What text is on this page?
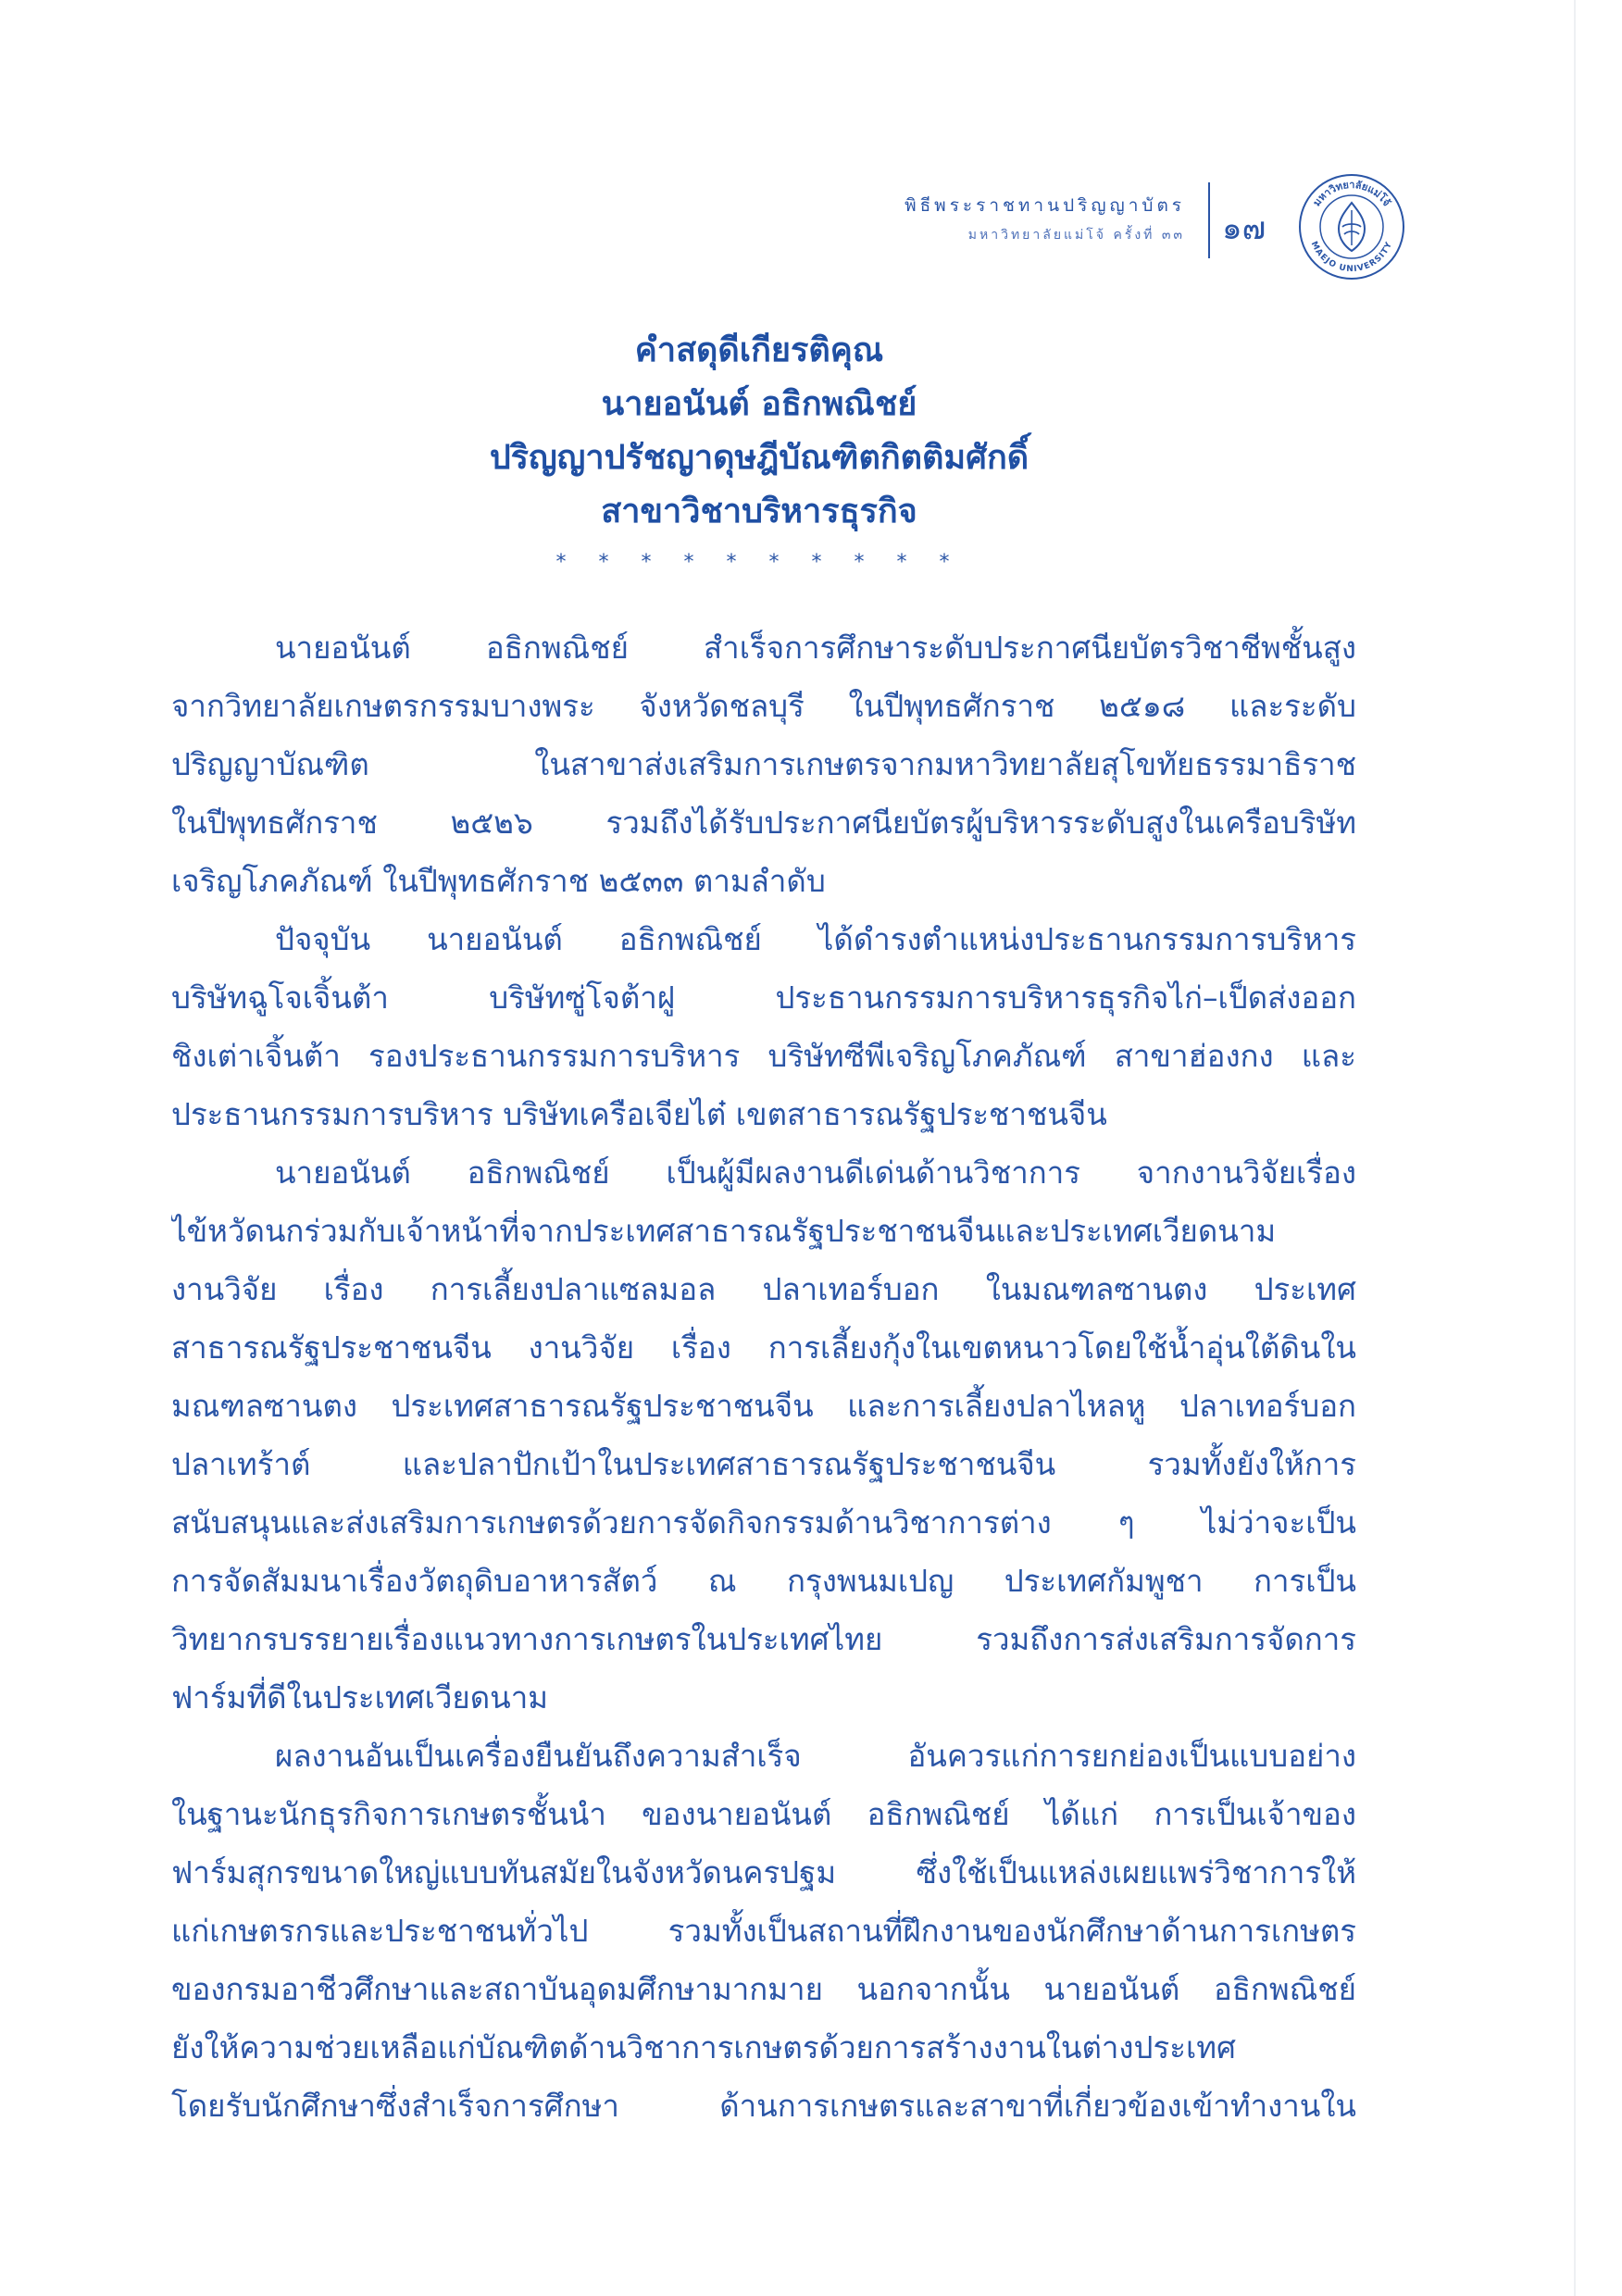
พิธีพระราชทานปริญญาบัตร
มหาวิทยาลัยแม่โจ้ ครั้งที่ ๓๓ ๑๗
มหาวิทยาลัยแม่โจ้
MAEJO UNIVERSITY
คำสดุดีเกียรติคุณ
นายอนันต์ อธิกพณิชย์
ปริญญาปรัชญาดุษฎีบัณฑิตกิตติมศักดิ์
สาขาวิชาบริหารธุรกิจ
* * * * * * * * * *
นายอนันต์ อธิกพณิชย์ สำเร็จการศึกษาระดับประกาศนียบัตรวิชาชีพชั้นสูง
จากวิทยาลัยเกษตรกรรมบางพระ จังหวัดชลบุรี ในปีพุทธศักราช ๒๕๑๘ และระดับ
ปริญญาบัณฑิต ในสาขาส่งเสริมการเกษตรจากมหาวิทยาลัยสุโขทัยธรรมาธิราช
ในปีพุทธศักราช ๒๕๒๖ รวมถึงได้รับประกาศนียบัตรผู้บริหารระดับสูงในเครือบริษัท
เจริญโภคภัณฑ์ ในปีพุทธศักราช ๒๕๓๓ ตามลำดับ
ปัจจุบัน นายอนันต์ อธิกพณิชย์ ได้ดำรงตำแหน่งประธานกรรมการบริหาร
บริษัทฉูโจเจิ้นต้า บริษัทซู่โจต้าฝู ประธานกรรมการบริหารธุรกิจไก่–เป็ดส่งออก
ชิงเต่าเจิ้นต้า รองประธานกรรมการบริหาร บริษัทซีพีเจริญโภคภัณฑ์ สาขาฮ่องกง และ
ประธานกรรมการบริหาร บริษัทเครือเจียไต๋ เขตสาธารณรัฐประชาชนจีน
นายอนันต์ อธิกพณิชย์ เป็นผู้มีผลงานดีเด่นด้านวิชาการ จากงานวิจัยเรื่อง
ไข้หวัดนกร่วมกับเจ้าหน้าที่จากประเทศสาธารณรัฐประชาชนจีนและประเทศเวียดนาม
งานวิจัย เรื่อง การเลี้ยงปลาแซลมอล ปลาเทอร์บอก ในมณฑลซานตง ประเทศ
สาธารณรัฐประชาชนจีน งานวิจัย เรื่อง การเลี้ยงกุ้งในเขตหนาวโดยใช้น้ำอุ่นใต้ดินใน
มณฑลซานตง ประเทศสาธารณรัฐประชาชนจีน และการเลี้ยงปลาไหลหู ปลาเทอร์บอก
ปลาเทร้าต์ และปลาปักเป้าในประเทศสาธารณรัฐประชาชนจีน รวมทั้งยังให้การ
สนับสนุนและส่งเสริมการเกษตรด้วยการจัดกิจกรรมด้านวิชาการต่าง ๆ ไม่ว่าจะเป็น
การจัดสัมมนาเรื่องวัตถุดิบอาหารสัตว์ ณ กรุงพนมเปญ ประเทศกัมพูชา การเป็น
วิทยากรบรรยายเรื่องแนวทางการเกษตรในประเทศไทย รวมถึงการส่งเสริมการจัดการ
ฟาร์มที่ดีในประเทศเวียดนาม
ผลงานอันเป็นเครื่องยืนยันถึงความสำเร็จ อันควรแก่การยกย่องเป็นแบบอย่าง
ในฐานะนักธุรกิจการเกษตรชั้นนำ ของนายอนันต์ อธิกพณิชย์ ได้แก่ การเป็นเจ้าของ
ฟาร์มสุกรขนาดใหญ่แบบทันสมัยในจังหวัดนครปฐม ซึ่งใช้เป็นแหล่งเผยแพร่วิชาการให้
แก่เกษตรกรและประชาชนทั่วไป รวมทั้งเป็นสถานที่ฝึกงานของนักศึกษาด้านการเกษตร
ของกรมอาชีวศึกษาและสถาบันอุดมศึกษามากมาย นอกจากนั้น นายอนันต์ อธิกพณิชย์
ยังให้ความช่วยเหลือแก่บัณฑิตด้านวิชาการเกษตรด้วยการสร้างงานในต่างประเทศ
โดยรับนักศึกษาซึ่งสำเร็จการศึกษา ด้านการเกษตรและสาขาที่เกี่ยวข้องเข้าทำงานใน
